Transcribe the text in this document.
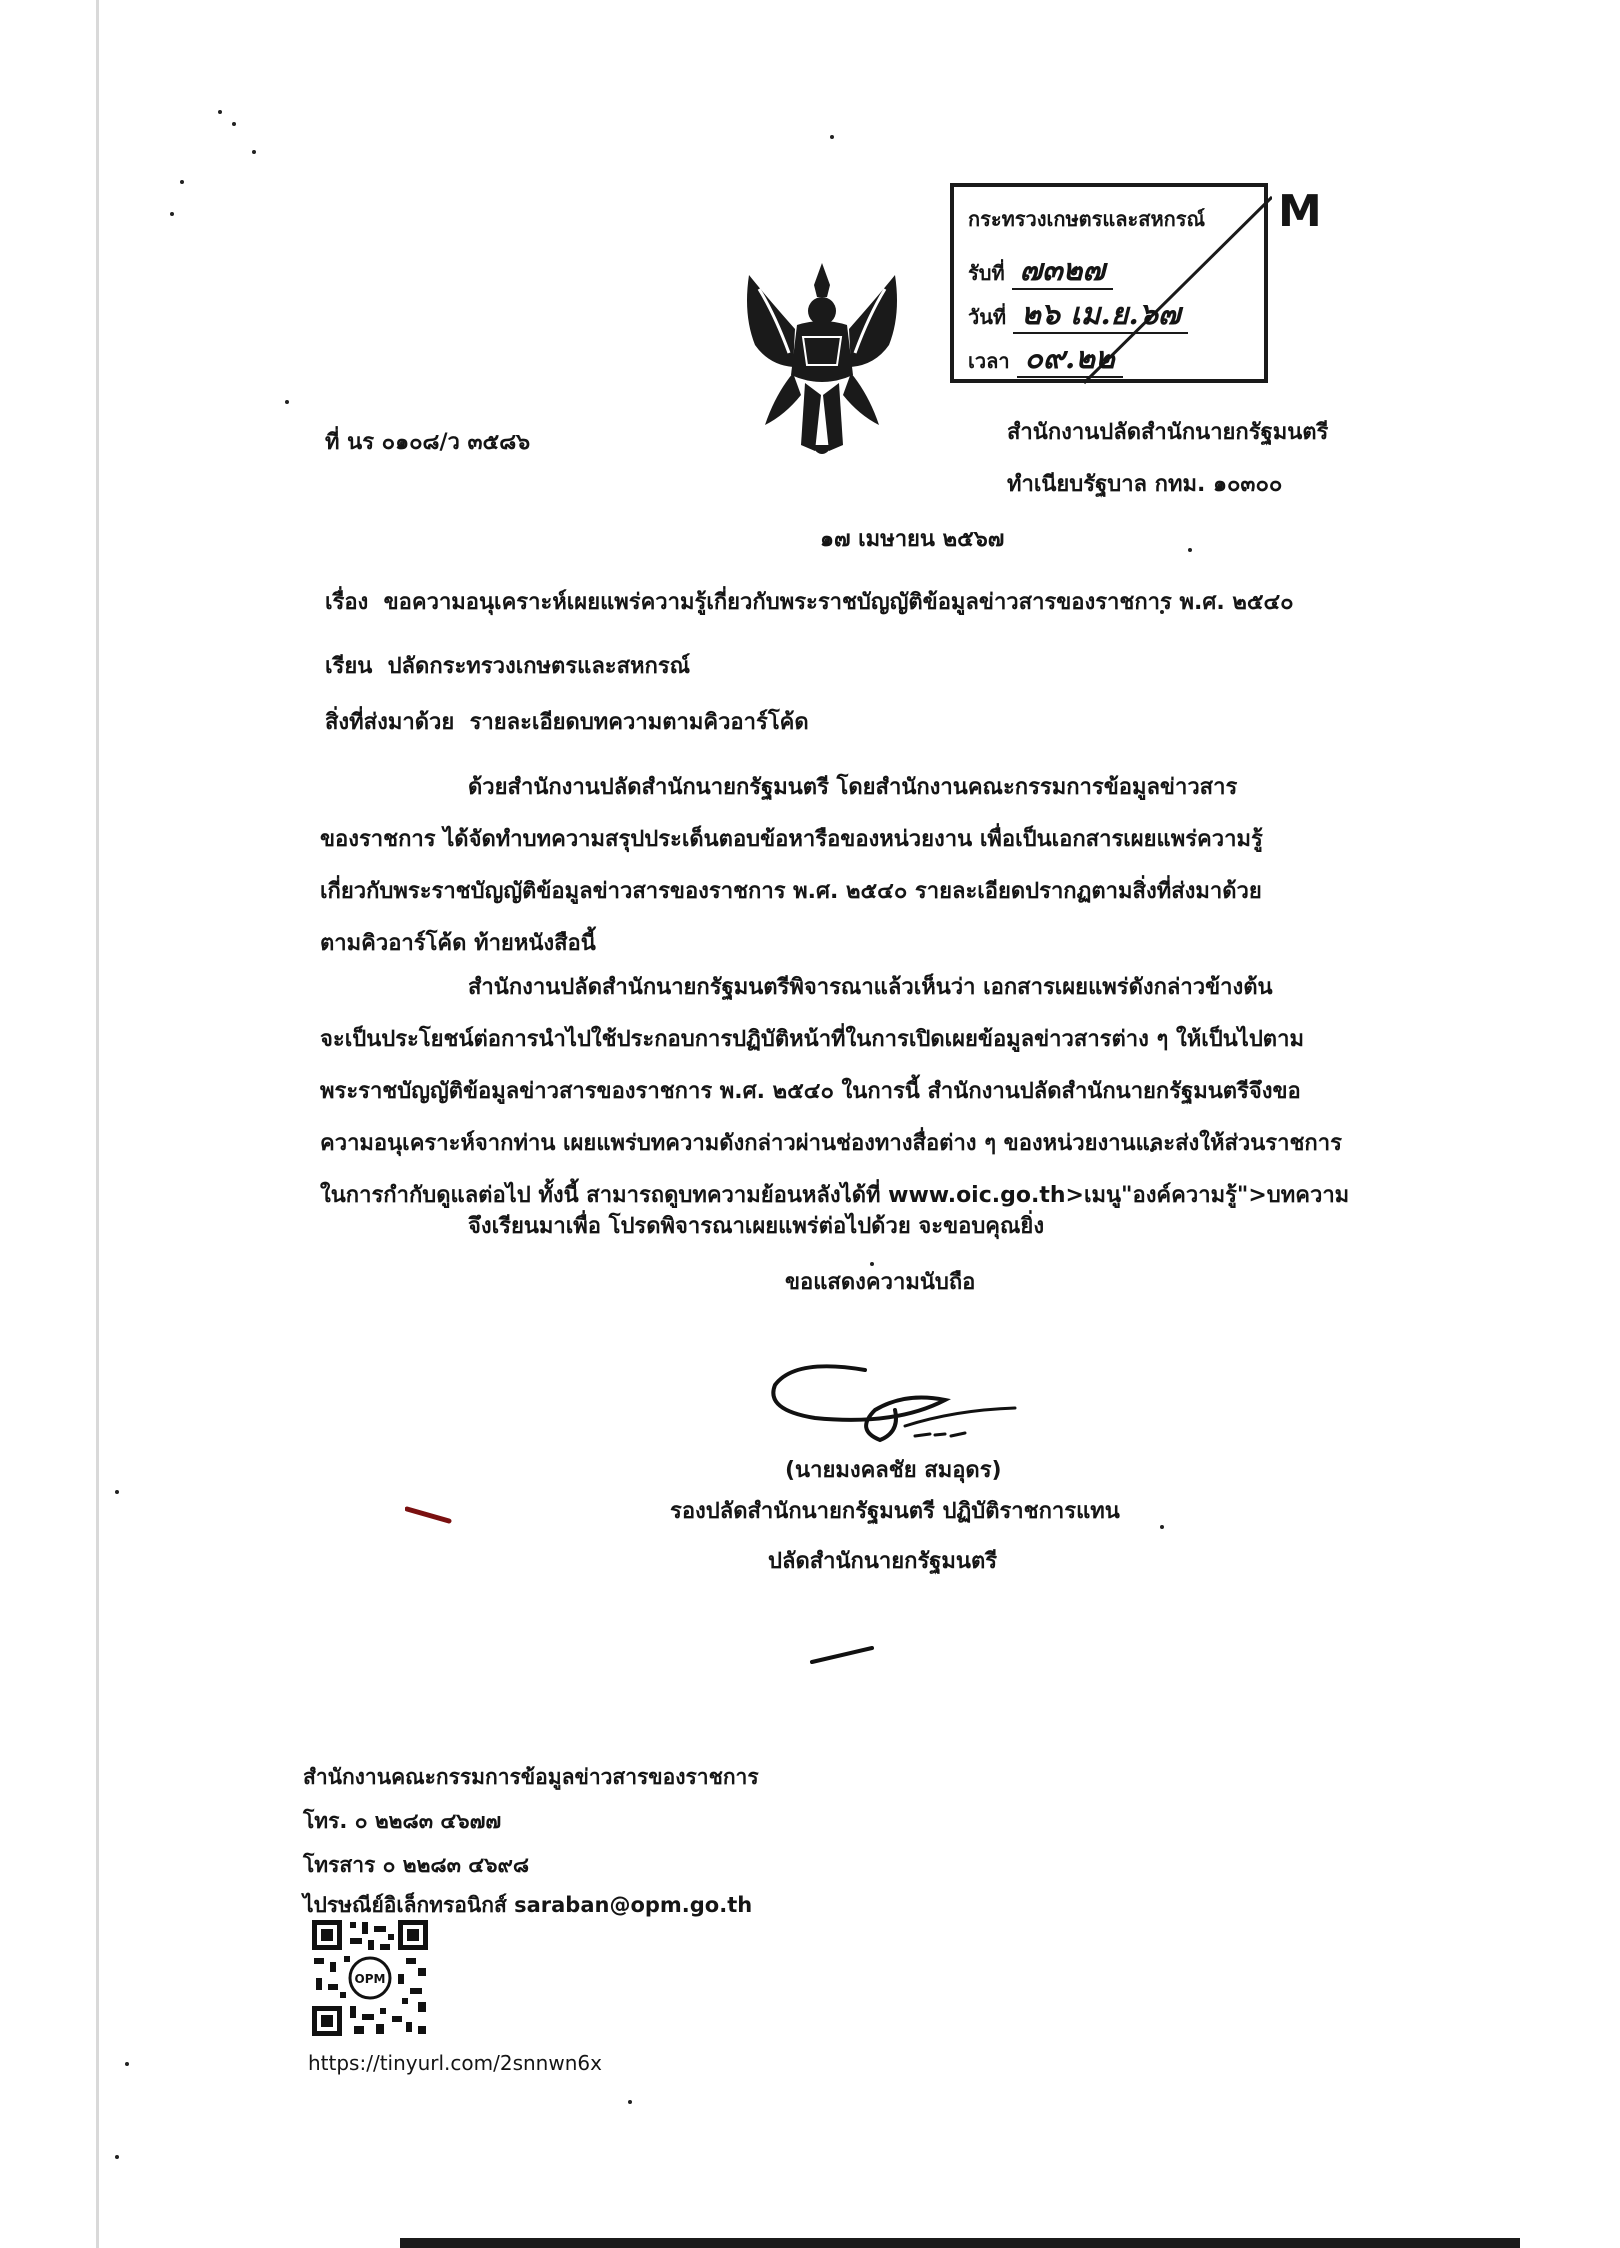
กระทรวงเกษตรและสหกรณ์
รับที่ ๗๓๒๗
วันที่ ๒๖ เม.ย.๖๗
เวลา ๐๙.๒๒
M
ที่ นร ๐๑๐๘/ว ๓๕๘๖	สำนักงานปลัดสำนักนายกรัฐมนตรี
ทำเนียบรัฐบาล กทม. ๑๐๓๐๐
๑๗ เมษายน ๒๕๖๗
เรื่อง ขอความอนุเคราะห์เผยแพร่ความรู้เกี่ยวกับพระราชบัญญัติข้อมูลข่าวสารของราชการ พ.ศ. ๒๕๔๐
เรียน ปลัดกระทรวงเกษตรและสหกรณ์
สิ่งที่ส่งมาด้วย รายละเอียดบทความตามคิวอาร์โค้ด
ด้วยสำนักงานปลัดสำนักนายกรัฐมนตรี โดยสำนักงานคณะกรรมการข้อมูลข่าวสาร
ของราชการ ได้จัดทำบทความสรุปประเด็นตอบข้อหารือของหน่วยงาน เพื่อเป็นเอกสารเผยแพร่ความรู้
เกี่ยวกับพระราชบัญญัติข้อมูลข่าวสารของราชการ พ.ศ. ๒๕๔๐ รายละเอียดปรากฏตามสิ่งที่ส่งมาด้วย
ตามคิวอาร์โค้ด ท้ายหนังสือนี้
สำนักงานปลัดสำนักนายกรัฐมนตรีพิจารณาแล้วเห็นว่า เอกสารเผยแพร่ดังกล่าวข้างต้น
จะเป็นประโยชน์ต่อการนำไปใช้ประกอบการปฏิบัติหน้าที่ในการเปิดเผยข้อมูลข่าวสารต่าง ๆ ให้เป็นไปตาม
พระราชบัญญัติข้อมูลข่าวสารของราชการ พ.ศ. ๒๕๔๐ ในการนี้ สำนักงานปลัดสำนักนายกรัฐมนตรีจึงขอ
ความอนุเคราะห์จากท่าน เผยแพร่บทความดังกล่าวผ่านช่องทางสื่อต่าง ๆ ของหน่วยงานและส่งให้ส่วนราชการ
ในการกำกับดูแลต่อไป ทั้งนี้ สามารถดูบทความย้อนหลังได้ที่ www.oic.go.th>เมนู"องค์ความรู้">บทความ
จึงเรียนมาเพื่อ โปรดพิจารณาเผยแพร่ต่อไปด้วย จะขอบคุณยิ่ง
ขอแสดงความนับถือ
(นายมงคลชัย สมอุดร)
รองปลัดสำนักนายกรัฐมนตรี ปฏิบัติราชการแทน
ปลัดสำนักนายกรัฐมนตรี
สำนักงานคณะกรรมการข้อมูลข่าวสารของราชการ
โทร. ๐ ๒๒๘๓ ๔๖๗๗
โทรสาร ๐ ๒๒๘๓ ๔๖๙๘
ไปรษณีย์อิเล็กทรอนิกส์ saraban@opm.go.th
OPM
https://tinyurl.com/2snnwn6x
